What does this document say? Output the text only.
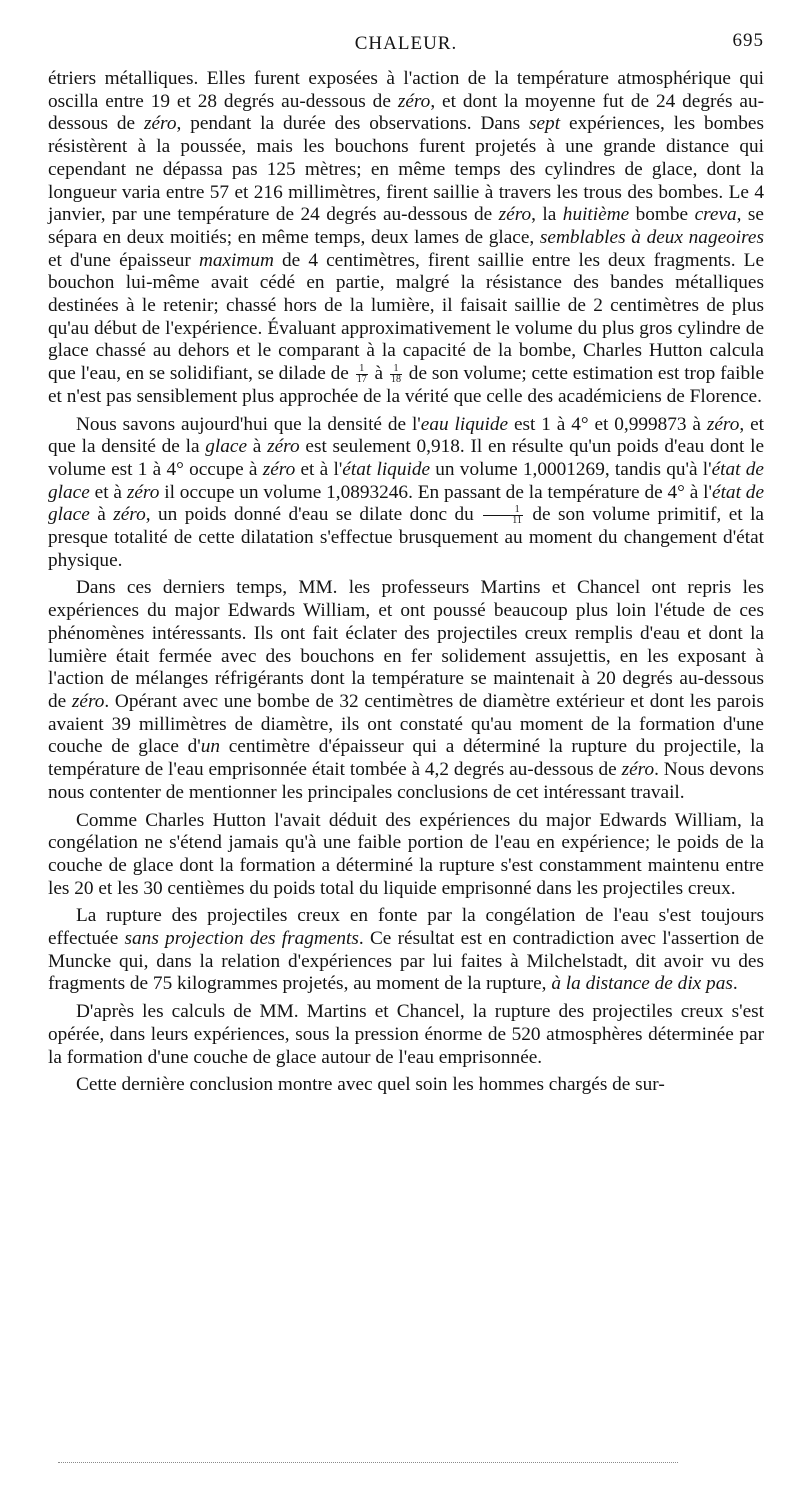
CHALEUR.	695

étriers métalliques. Elles furent exposées à l'action de la température atmosphérique qui oscilla entre 19 et 28 degrés au-dessous de zéro, et dont la moyenne fut de 24 degrés au-dessous de zéro, pendant la durée des observations. Dans sept expériences, les bombes résistèrent à la poussée, mais les bouchons furent projetés à une grande distance qui cependant ne dépassa pas 125 mètres; en même temps des cylindres de glace, dont la longueur varia entre 57 et 216 millimètres, firent saillie à travers les trous des bombes. Le 4 janvier, par une température de 24 degrés au-dessous de zéro, la huitième bombe creva, se sépara en deux moitiés; en même temps, deux lames de glace, semblables à deux nageoires et d'une épaisseur maximum de 4 centimètres, firent saillie entre les deux fragments. Le bouchon lui-même avait cédé en partie, malgré la résistance des bandes métalliques destinées à le retenir; chassé hors de la lumière, il faisait saillie de 2 centimètres de plus qu'au début de l'expérience. Évaluant approximativement le volume du plus gros cylindre de glace chassé au dehors et le comparant à la capacité de la bombe, Charles Hutton calcula que l'eau, en se solidifiant, se dilade de $\frac{1}{17}$ à $\frac{1}{18}$ de son volume; cette estimation est trop faible et n'est pas sensiblement plus approchée de la vérité que celle des académiciens de Florence.

Nous savons aujourd'hui que la densité de l'eau liquide est 1 à 4° et 0,999873 à zéro, et que la densité de la glace à zéro est seulement 0,918. Il en résulte qu'un poids d'eau dont le volume est 1 à 4° occupe à zéro et à l'état liquide un volume 1,0001269, tandis qu'à l'état de glace et à zéro il occupe un volume 1,0893246. En passant de la température de 4° à l'état de glace à zéro, un poids donné d'eau se dilate donc du $\frac{1}{11}$ de son volume primitif, et la presque totalité de cette dilatation s'effectue brusquement au moment du changement d'état physique.

Dans ces derniers temps, MM. les professeurs Martins et Chancel ont repris les expériences du major Edwards William, et ont poussé beaucoup plus loin l'étude de ces phénomènes intéressants. Ils ont fait éclater des projectiles creux remplis d'eau et dont la lumière était fermée avec des bouchons en fer solidement assujettis, en les exposant à l'action de mélanges réfrigérants dont la température se maintenait à 20 degrés au-dessous de zéro. Opérant avec une bombe de 32 centimètres de diamètre extérieur et dont les parois avaient 39 millimètres de diamètre, ils ont constaté qu'au moment de la formation d'une couche de glace d'un centimètre d'épaisseur qui a déterminé la rupture du projectile, la température de l'eau emprisonnée était tombée à 4,2 degrés au-dessous de zéro. Nous devons nous contenter de mentionner les principales conclusions de cet intéressant travail.

Comme Charles Hutton l'avait déduit des expériences du major Edwards William, la congélation ne s'étend jamais qu'à une faible portion de l'eau en expérience; le poids de la couche de glace dont la formation a déterminé la rupture s'est constamment maintenu entre les 20 et les 30 centièmes du poids total du liquide emprisonné dans les projectiles creux.

La rupture des projectiles creux en fonte par la congélation de l'eau s'est toujours effectuée sans projection des fragments. Ce résultat est en contradiction avec l'assertion de Muncke qui, dans la relation d'expériences par lui faites à Milchelstadt, dit avoir vu des fragments de 75 kilogrammes projetés, au moment de la rupture, à la distance de dix pas.

D'après les calculs de MM. Martins et Chancel, la rupture des projectiles creux s'est opérée, dans leurs expériences, sous la pression énorme de 520 atmosphères déterminée par la formation d'une couche de glace autour de l'eau emprisonnée.

Cette dernière conclusion montre avec quel soin les hommes chargés de sur-
